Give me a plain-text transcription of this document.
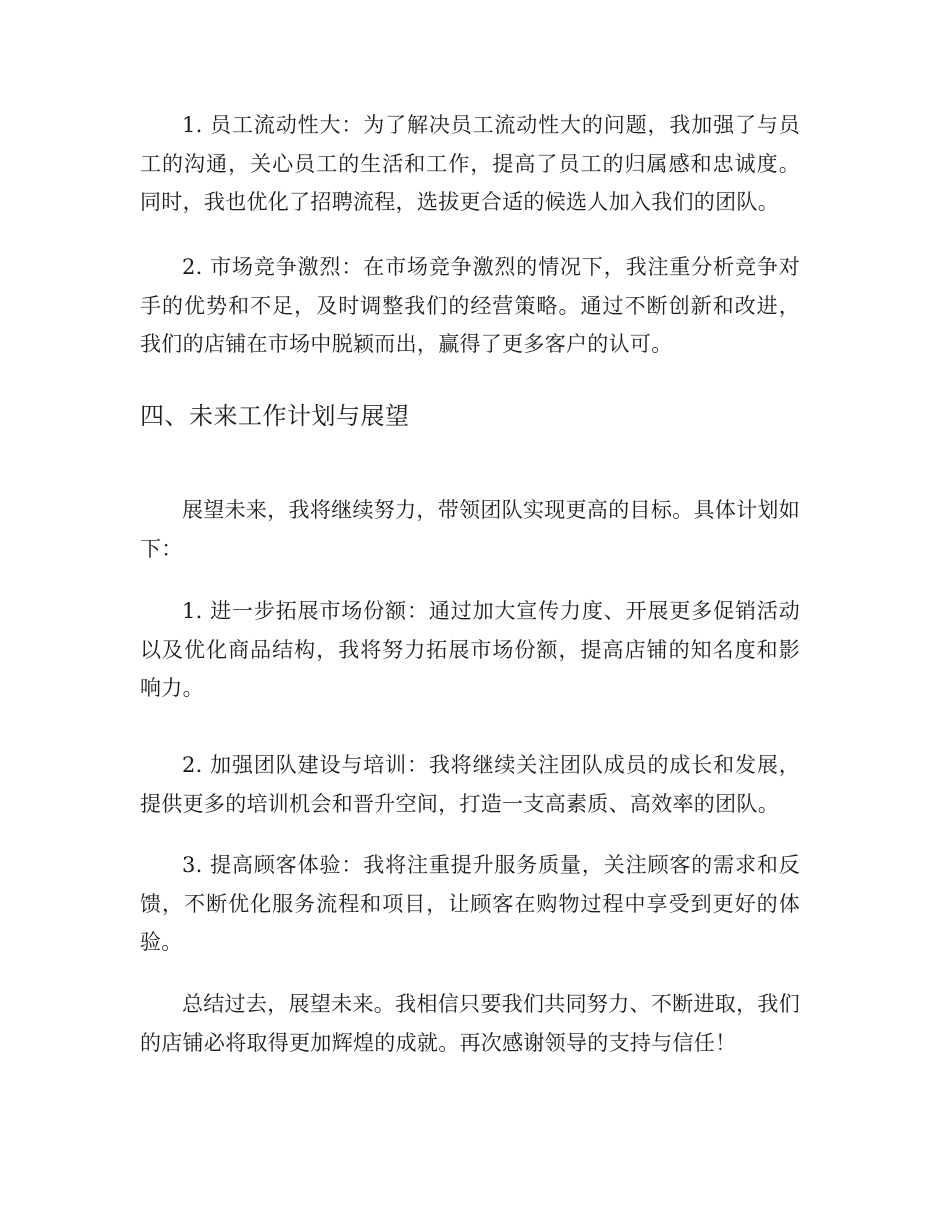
1. 员工流动性大：为了解决员工流动性大的问题，我加强了与员工的沟通，关心员工的生活和工作，提高了员工的归属感和忠诚度。同时，我也优化了招聘流程，选拔更合适的候选人加入我们的团队。

2. 市场竞争激烈：在市场竞争激烈的情况下，我注重分析竞争对手的优势和不足，及时调整我们的经营策略。通过不断创新和改进，我们的店铺在市场中脱颖而出，赢得了更多客户的认可。

四、未来工作计划与展望

展望未来，我将继续努力，带领团队实现更高的目标。具体计划如下：

1. 进一步拓展市场份额：通过加大宣传力度、开展更多促销活动以及优化商品结构，我将努力拓展市场份额，提高店铺的知名度和影响力。

2. 加强团队建设与培训：我将继续关注团队成员的成长和发展，提供更多的培训机会和晋升空间，打造一支高素质、高效率的团队。

3. 提高顾客体验：我将注重提升服务质量，关注顾客的需求和反馈，不断优化服务流程和项目，让顾客在购物过程中享受到更好的体验。

总结过去，展望未来。我相信只要我们共同努力、不断进取，我们的店铺必将取得更加辉煌的成就。再次感谢领导的支持与信任！
